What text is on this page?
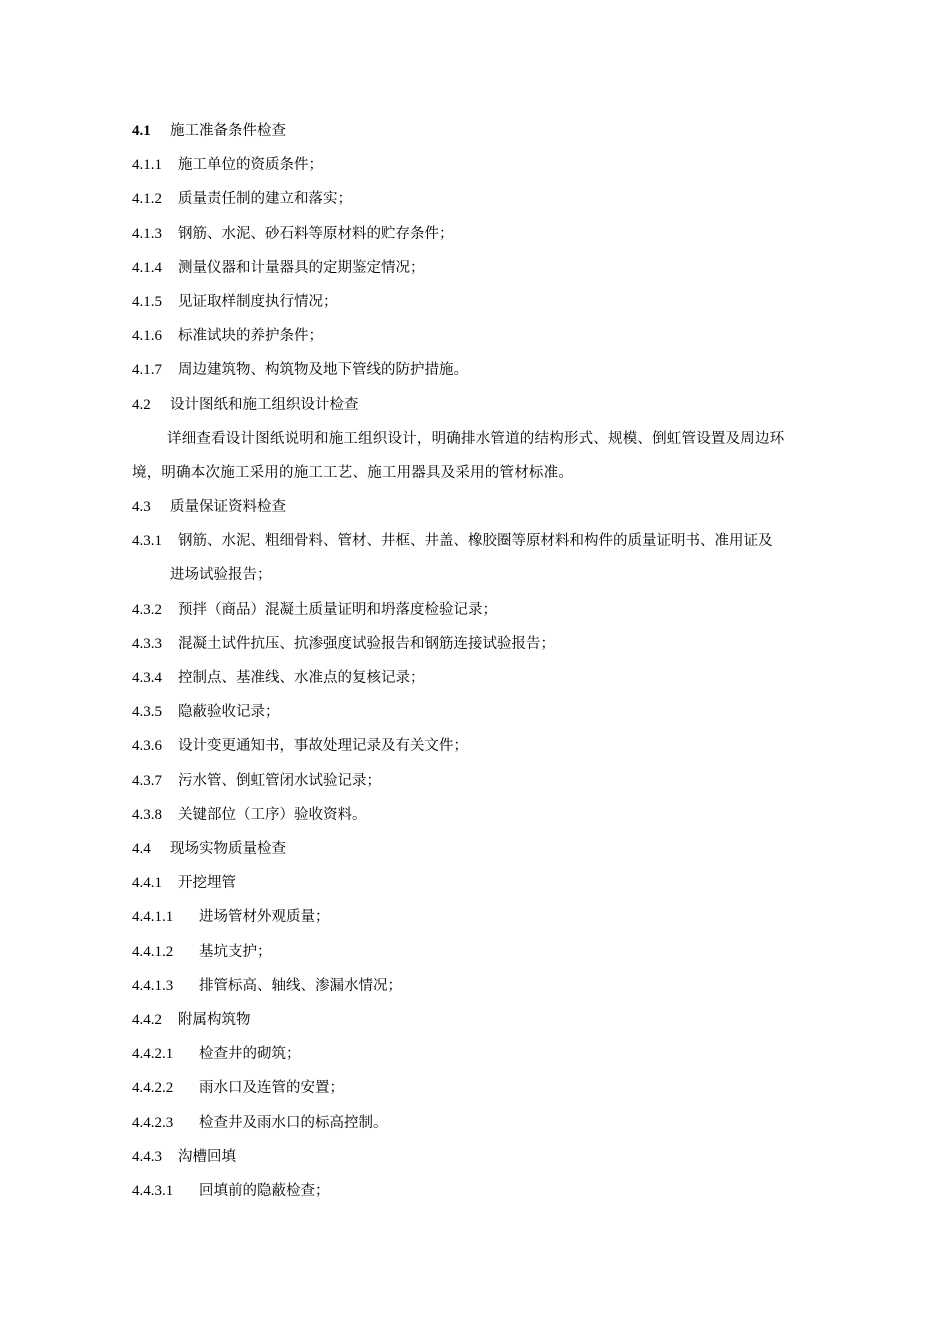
4.1 施工准备条件检查
4.1.1 施工单位的资质条件；
4.1.2 质量责任制的建立和落实；
4.1.3 钢筋、水泥、砂石料等原材料的贮存条件；
4.1.4 测量仪器和计量器具的定期鉴定情况；
4.1.5 见证取样制度执行情况；
4.1.6 标准试块的养护条件；
4.1.7 周边建筑物、构筑物及地下管线的防护措施。
4.2 设计图纸和施工组织设计检查
详细查看设计图纸说明和施工组织设计，明确排水管道的结构形式、规模、倒虹管设置及周边环
境，明确本次施工采用的施工工艺、施工用器具及采用的管材标准。
4.3 质量保证资料检查
4.3.1 钢筋、水泥、粗细骨料、管材、井框、井盖、橡胶圈等原材料和构件的质量证明书、准用证及
进场试验报告；
4.3.2 预拌（商品）混凝土质量证明和坍落度检验记录；
4.3.3 混凝土试件抗压、抗渗强度试验报告和钢筋连接试验报告；
4.3.4 控制点、基准线、水准点的复核记录；
4.3.5 隐蔽验收记录；
4.3.6 设计变更通知书，事故处理记录及有关文件；
4.3.7 污水管、倒虹管闭水试验记录；
4.3.8 关键部位（工序）验收资料。
4.4 现场实物质量检查
4.4.1 开挖埋管
4.4.1.1 进场管材外观质量；
4.4.1.2 基坑支护；
4.4.1.3 排管标高、轴线、渗漏水情况；
4.4.2 附属构筑物
4.4.2.1 检查井的砌筑；
4.4.2.2 雨水口及连管的安置；
4.4.2.3 检查井及雨水口的标高控制。
4.4.3 沟槽回填
4.4.3.1 回填前的隐蔽检查；
